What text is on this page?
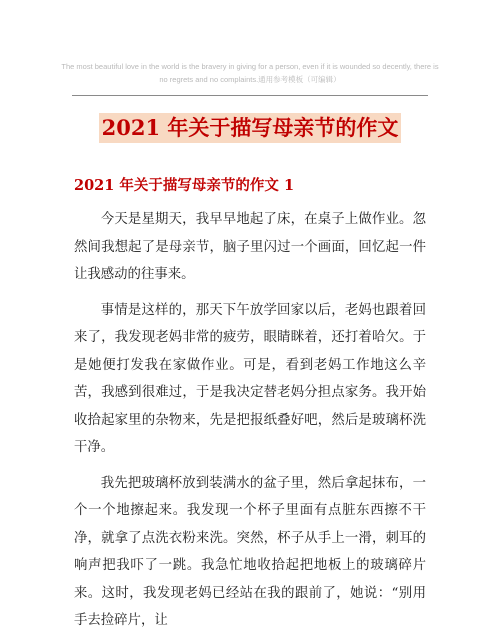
The most beautiful love in the world is the bravery in giving for a person, even if it is wounded so decently, there is no regrets and no complaints.通用参考模板（可编辑）
2021 年关于描写母亲节的作文
2021 年关于描写母亲节的作文 1

今天是星期天，我早早地起了床，在桌子上做作业。忽然间我想起了是母亲节，脑子里闪过一个画面，回忆起一件让我感动的往事来。

事情是这样的，那天下午放学回家以后，老妈也跟着回来了，我发现老妈非常的疲劳，眼睛眯着，还打着哈欠。于是她便打发我在家做作业。可是，看到老妈工作地这么辛苦，我感到很难过，于是我决定替老妈分担点家务。我开始收拾起家里的杂物来，先是把报纸叠好吧，然后是玻璃杯洗干净。

我先把玻璃杯放到装满水的盆子里，然后拿起抹布，一个一个地擦起来。我发现一个杯子里面有点脏东西擦不干净，就拿了点洗衣粉来洗。突然，杯子从手上一滑，刺耳的响声把我吓了一跳。我急忙地收拾起把地板上的玻璃碎片来。这时，我发现老妈已经站在我的跟前了，她说：“别用手去捡碎片，让
